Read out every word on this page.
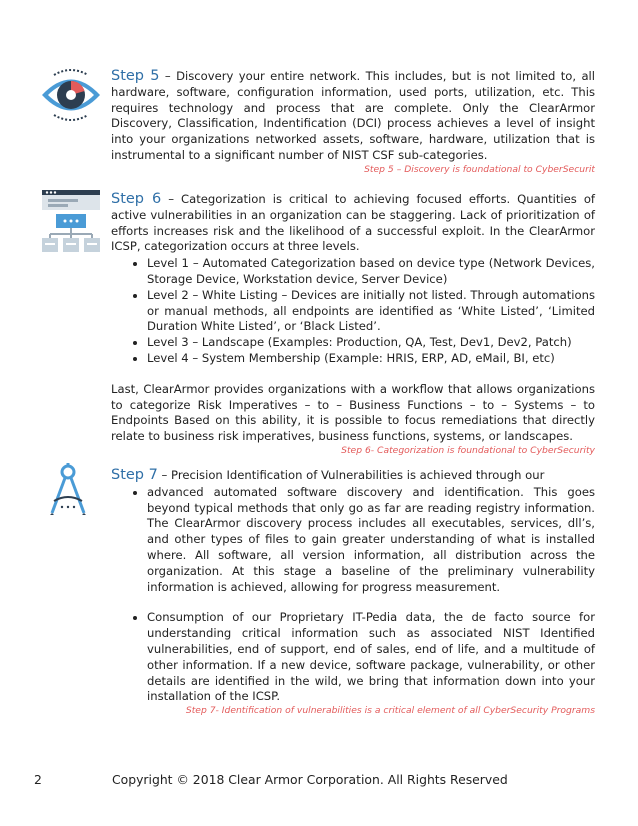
Step 5 – Discovery your entire network. This includes, but is not limited to, all hardware, software, configuration information, used ports, utilization, etc. This requires technology and process that are complete. Only the ClearArmor Discovery, Classification, Indentification (DCI) process achieves a level of insight into your organizations networked assets, software, hardware, utilization that is instrumental to a significant number of NIST CSF sub-categories.

Step 5 – Discovery is foundational to CyberSecurit

Step 6 – Categorization is critical to achieving focused efforts. Quantities of active vulnerabilities in an organization can be staggering. Lack of prioritization of efforts increases risk and the likelihood of a successful exploit. In the ClearArmor ICSP, categorization occurs at three levels.

• Level 1 – Automated Categorization based on device type (Network Devices, Storage Device, Workstation device, Server Device)
• Level 2 – White Listing – Devices are initially not listed. Through automations or manual methods, all endpoints are identified as ‘White Listed’, ‘Limited Duration White Listed’, or ‘Black Listed’.
• Level 3 – Landscape (Examples: Production, QA, Test, Dev1, Dev2, Patch)
• Level 4 – System Membership (Example: HRIS, ERP, AD, eMail, BI, etc)

Last, ClearArmor provides organizations with a workflow that allows organizations to categorize Risk Imperatives – to – Business Functions – to – Systems – to Endpoints Based on this ability, it is possible to focus remediations that directly relate to business risk imperatives, business functions, systems, or landscapes.

Step 6- Categorization is foundational to CyberSecurity

Step 7 – Precision Identification of Vulnerabilities is achieved through our

• advanced automated software discovery and identification. This goes beyond typical methods that only go as far are reading registry information. The ClearArmor discovery process includes all executables, services, dll’s, and other types of files to gain greater understanding of what is installed where. All software, all version information, all distribution across the organization. At this stage a baseline of the preliminary vulnerability information is achieved, allowing for progress measurement.
• Consumption of our Proprietary IT-Pedia data, the de facto source for understanding critical information such as associated NIST Identified vulnerabilities, end of support, end of sales, end of life, and a multitude of other information. If a new device, software package, vulnerability, or other details are identified in the wild, we bring that information down into your installation of the ICSP.

Step 7- Identification of vulnerabilities is a critical element of all CyberSecurity Programs

2	Copyright © 2018 Clear Armor Corporation. All Rights Reserved
